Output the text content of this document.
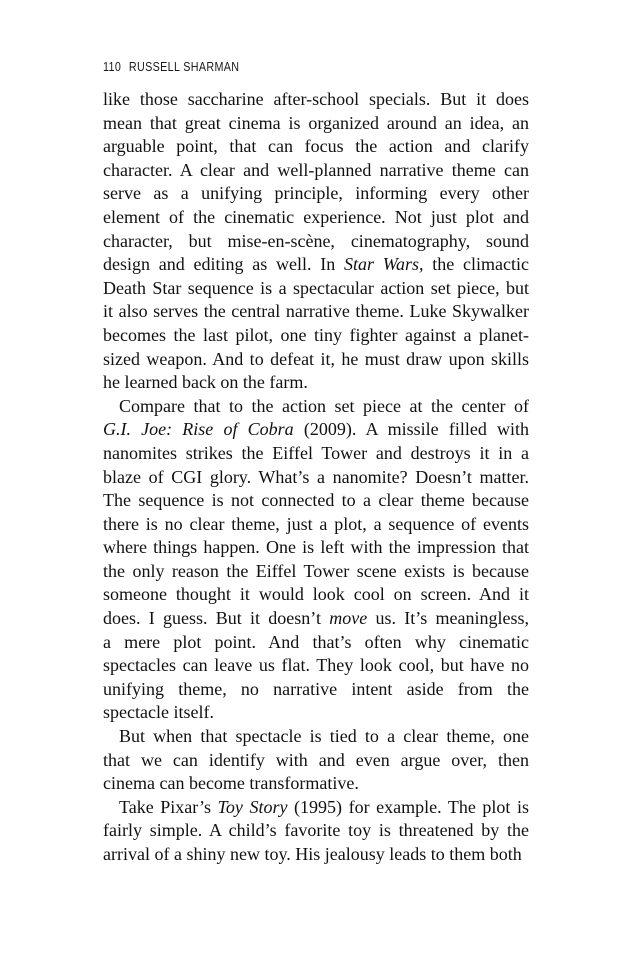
110 RUSSELL SHARMAN
like those saccharine after-school specials. But it does
mean that great cinema is organized around an idea, an
arguable point, that can focus the action and clarify
character. A clear and well-planned narrative theme can
serve as a unifying principle, informing every other
element of the cinematic experience. Not just plot and
character, but mise-en-scène, cinematography, sound
design and editing as well. In Star Wars, the climactic
Death Star sequence is a spectacular action set piece, but
it also serves the central narrative theme. Luke Skywalker
becomes the last pilot, one tiny fighter against a planet-
sized weapon. And to defeat it, he must draw upon skills
he learned back on the farm.
Compare that to the action set piece at the center of
G.I. Joe: Rise of Cobra (2009). A missile filled with
nanomites strikes the Eiffel Tower and destroys it in a
blaze of CGI glory. What’s a nanomite? Doesn’t matter.
The sequence is not connected to a clear theme because
there is no clear theme, just a plot, a sequence of events
where things happen. One is left with the impression that
the only reason the Eiffel Tower scene exists is because
someone thought it would look cool on screen. And it
does. I guess. But it doesn’t move us. It’s meaningless,
a mere plot point. And that’s often why cinematic
spectacles can leave us flat. They look cool, but have no
unifying theme, no narrative intent aside from the
spectacle itself.
But when that spectacle is tied to a clear theme, one
that we can identify with and even argue over, then
cinema can become transformative.
Take Pixar’s Toy Story (1995) for example. The plot is
fairly simple. A child’s favorite toy is threatened by the
arrival of a shiny new toy. His jealousy leads to them both
